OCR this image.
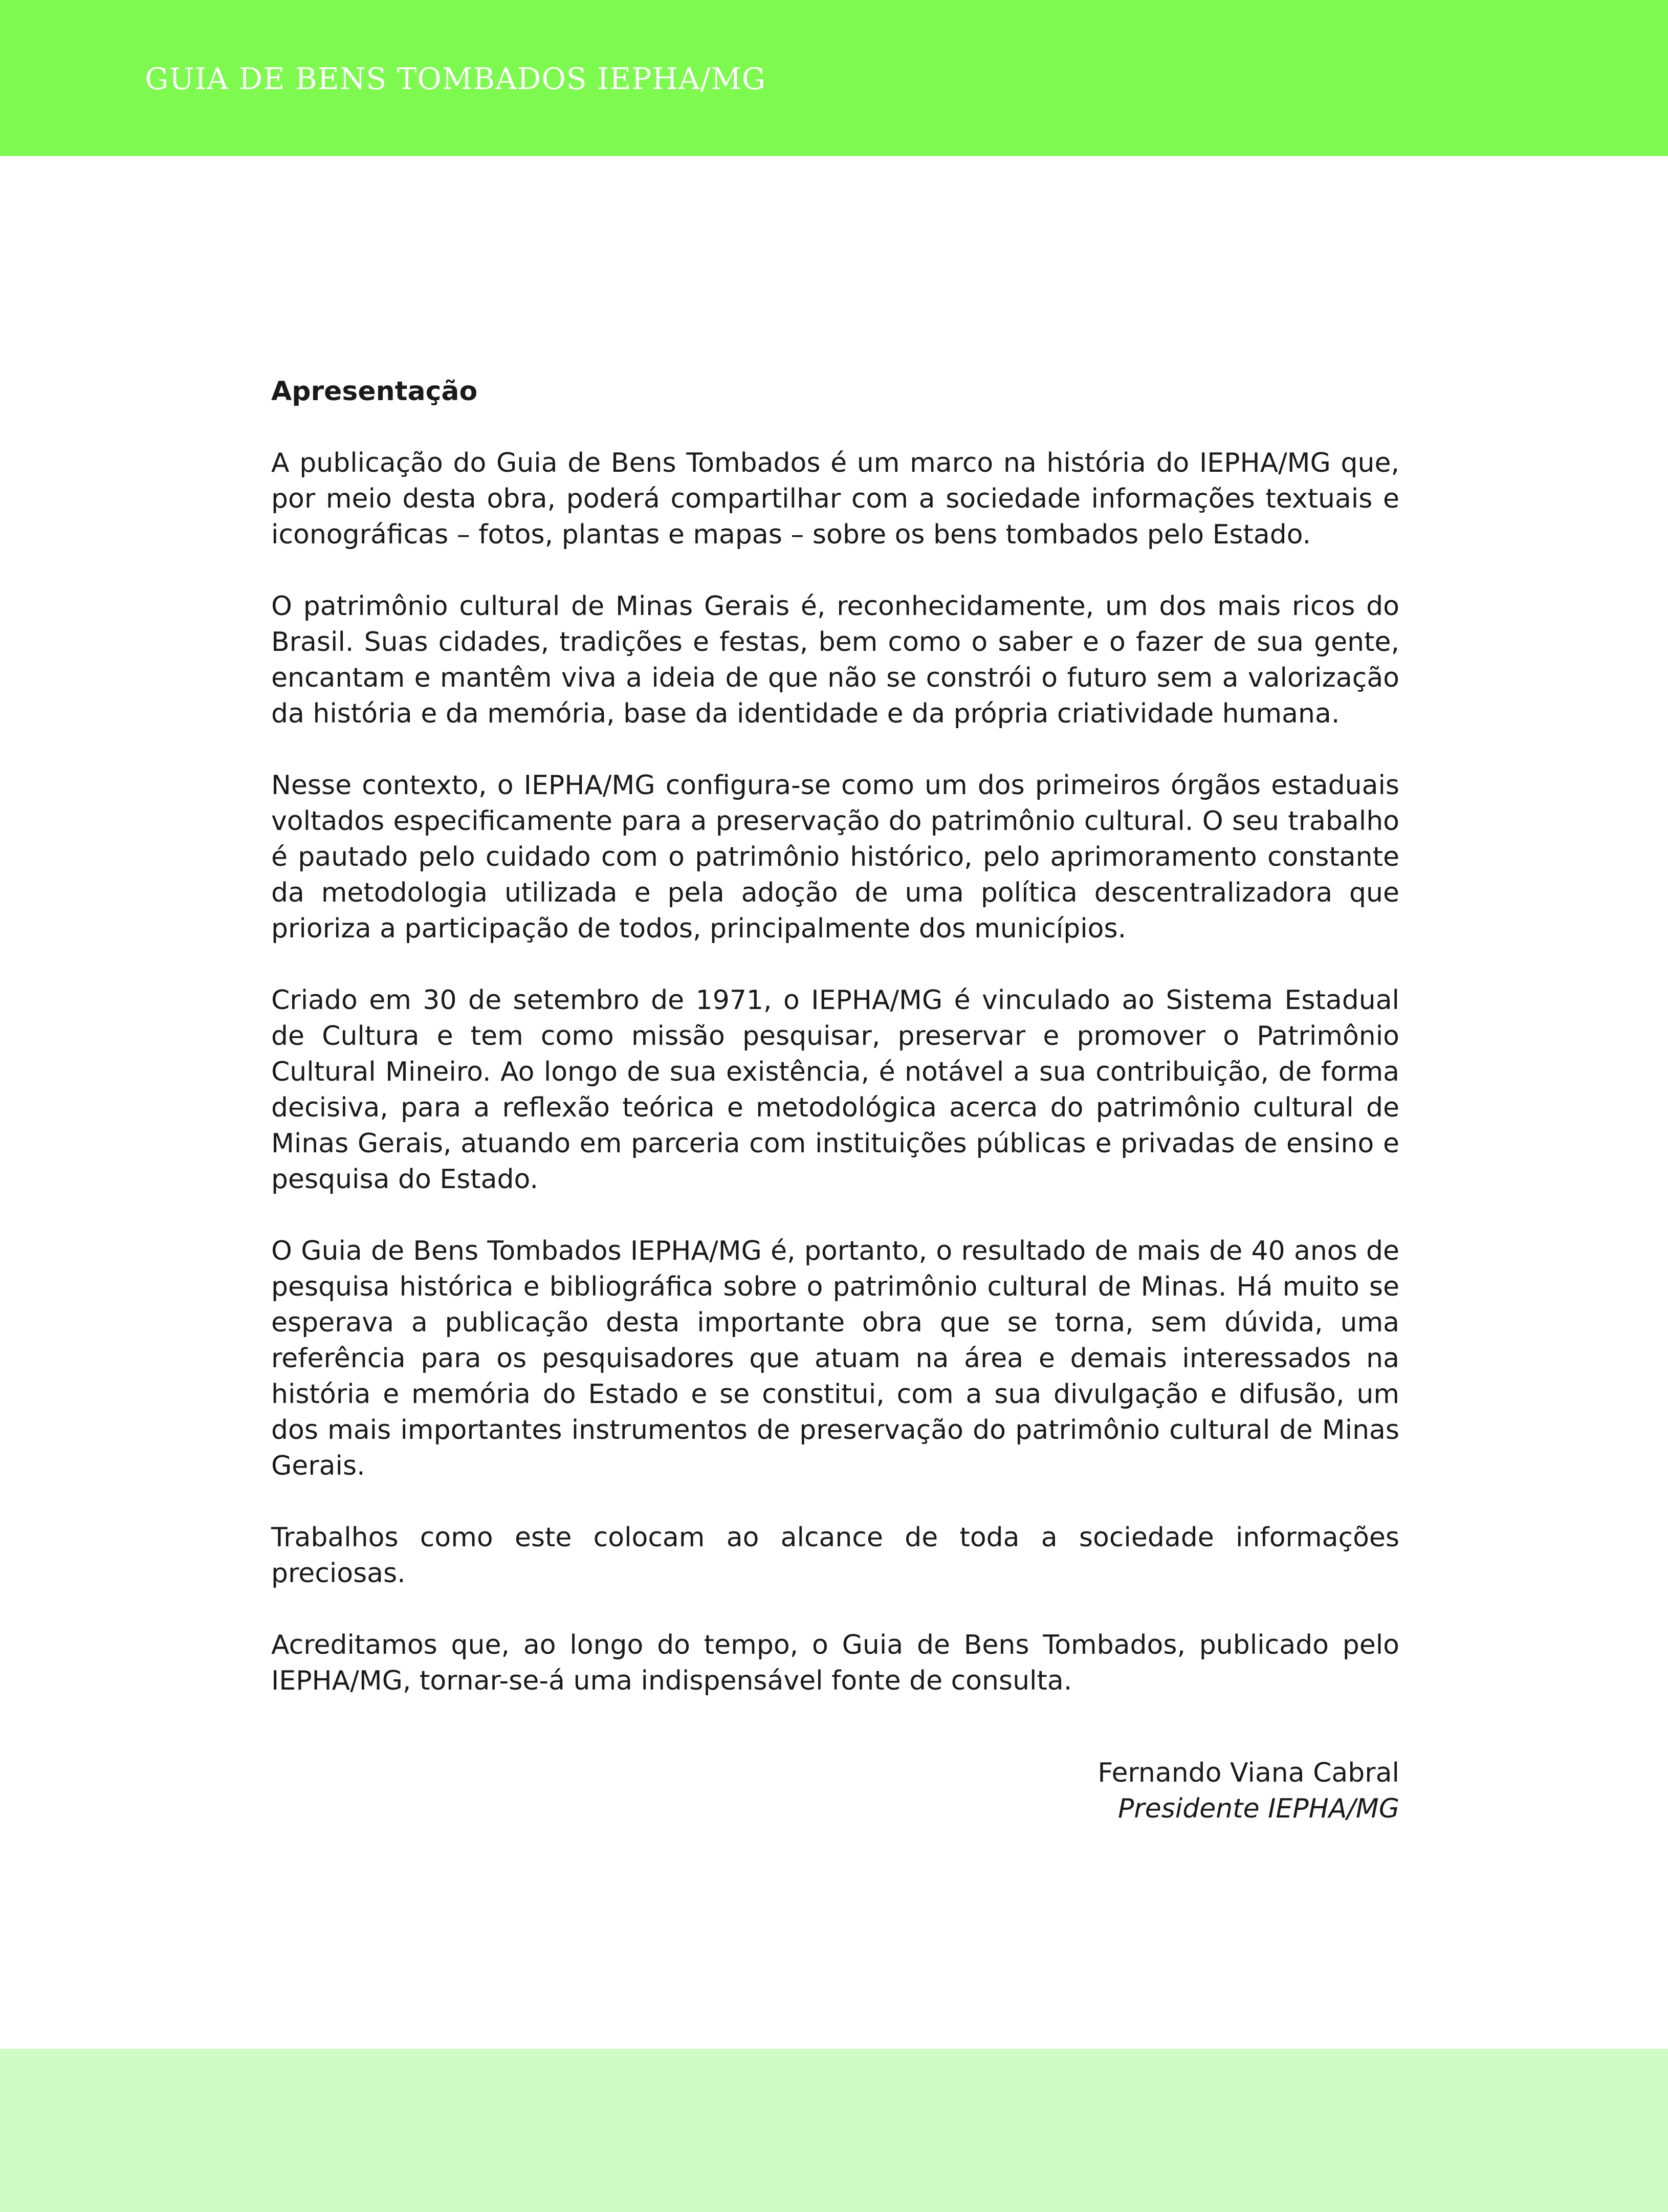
GUIA DE BENS TOMBADOS IEPHA/MG
Apresentação

A publicação do Guia de Bens Tombados é um marco na história do IEPHA/MG que, por meio desta obra, poderá compartilhar com a sociedade informações textuais e iconográficas – fotos, plantas e mapas – sobre os bens tombados pelo Estado.

O patrimônio cultural de Minas Gerais é, reconhecidamente, um dos mais ricos do Brasil. Suas cidades, tradições e festas, bem como o saber e o fazer de sua gente, encantam e mantêm viva a ideia de que não se constrói o futuro sem a valorização da história e da memória, base da identidade e da própria criatividade humana.

Nesse contexto, o IEPHA/MG configura-se como um dos primeiros órgãos estaduais voltados especificamente para a preservação do patrimônio cultural. O seu trabalho é pautado pelo cuidado com o patrimônio histórico, pelo aprimoramento constante da metodologia utilizada e pela adoção de uma política descentralizadora que prioriza a participação de todos, principalmente dos municípios.

Criado em 30 de setembro de 1971, o IEPHA/MG é vinculado ao Sistema Estadual de Cultura e tem como missão pesquisar, preservar e promover o Patrimônio Cultural Mineiro. Ao longo de sua existência, é notável a sua contribuição, de forma decisiva, para a reflexão teórica e metodológica acerca do patrimônio cultural de Minas Gerais, atuando em parceria com instituições públicas e privadas de ensino e pesquisa do Estado.

O Guia de Bens Tombados IEPHA/MG é, portanto, o resultado de mais de 40 anos de pesquisa histórica e bibliográfica sobre o patrimônio cultural de Minas. Há muito se esperava a publicação desta importante obra que se torna, sem dúvida, uma referência para os pesquisadores que atuam na área e demais interessados na história e memória do Estado e se constitui, com a sua divulgação e difusão, um dos mais importantes instrumentos de preservação do patrimônio cultural de Minas Gerais.

Trabalhos como este colocam ao alcance de toda a sociedade informações preciosas.

Acreditamos que, ao longo do tempo, o Guia de Bens Tombados, publicado pelo IEPHA/MG, tornar-se-á uma indispensável fonte de consulta.

Fernando Viana Cabral
Presidente IEPHA/MG
